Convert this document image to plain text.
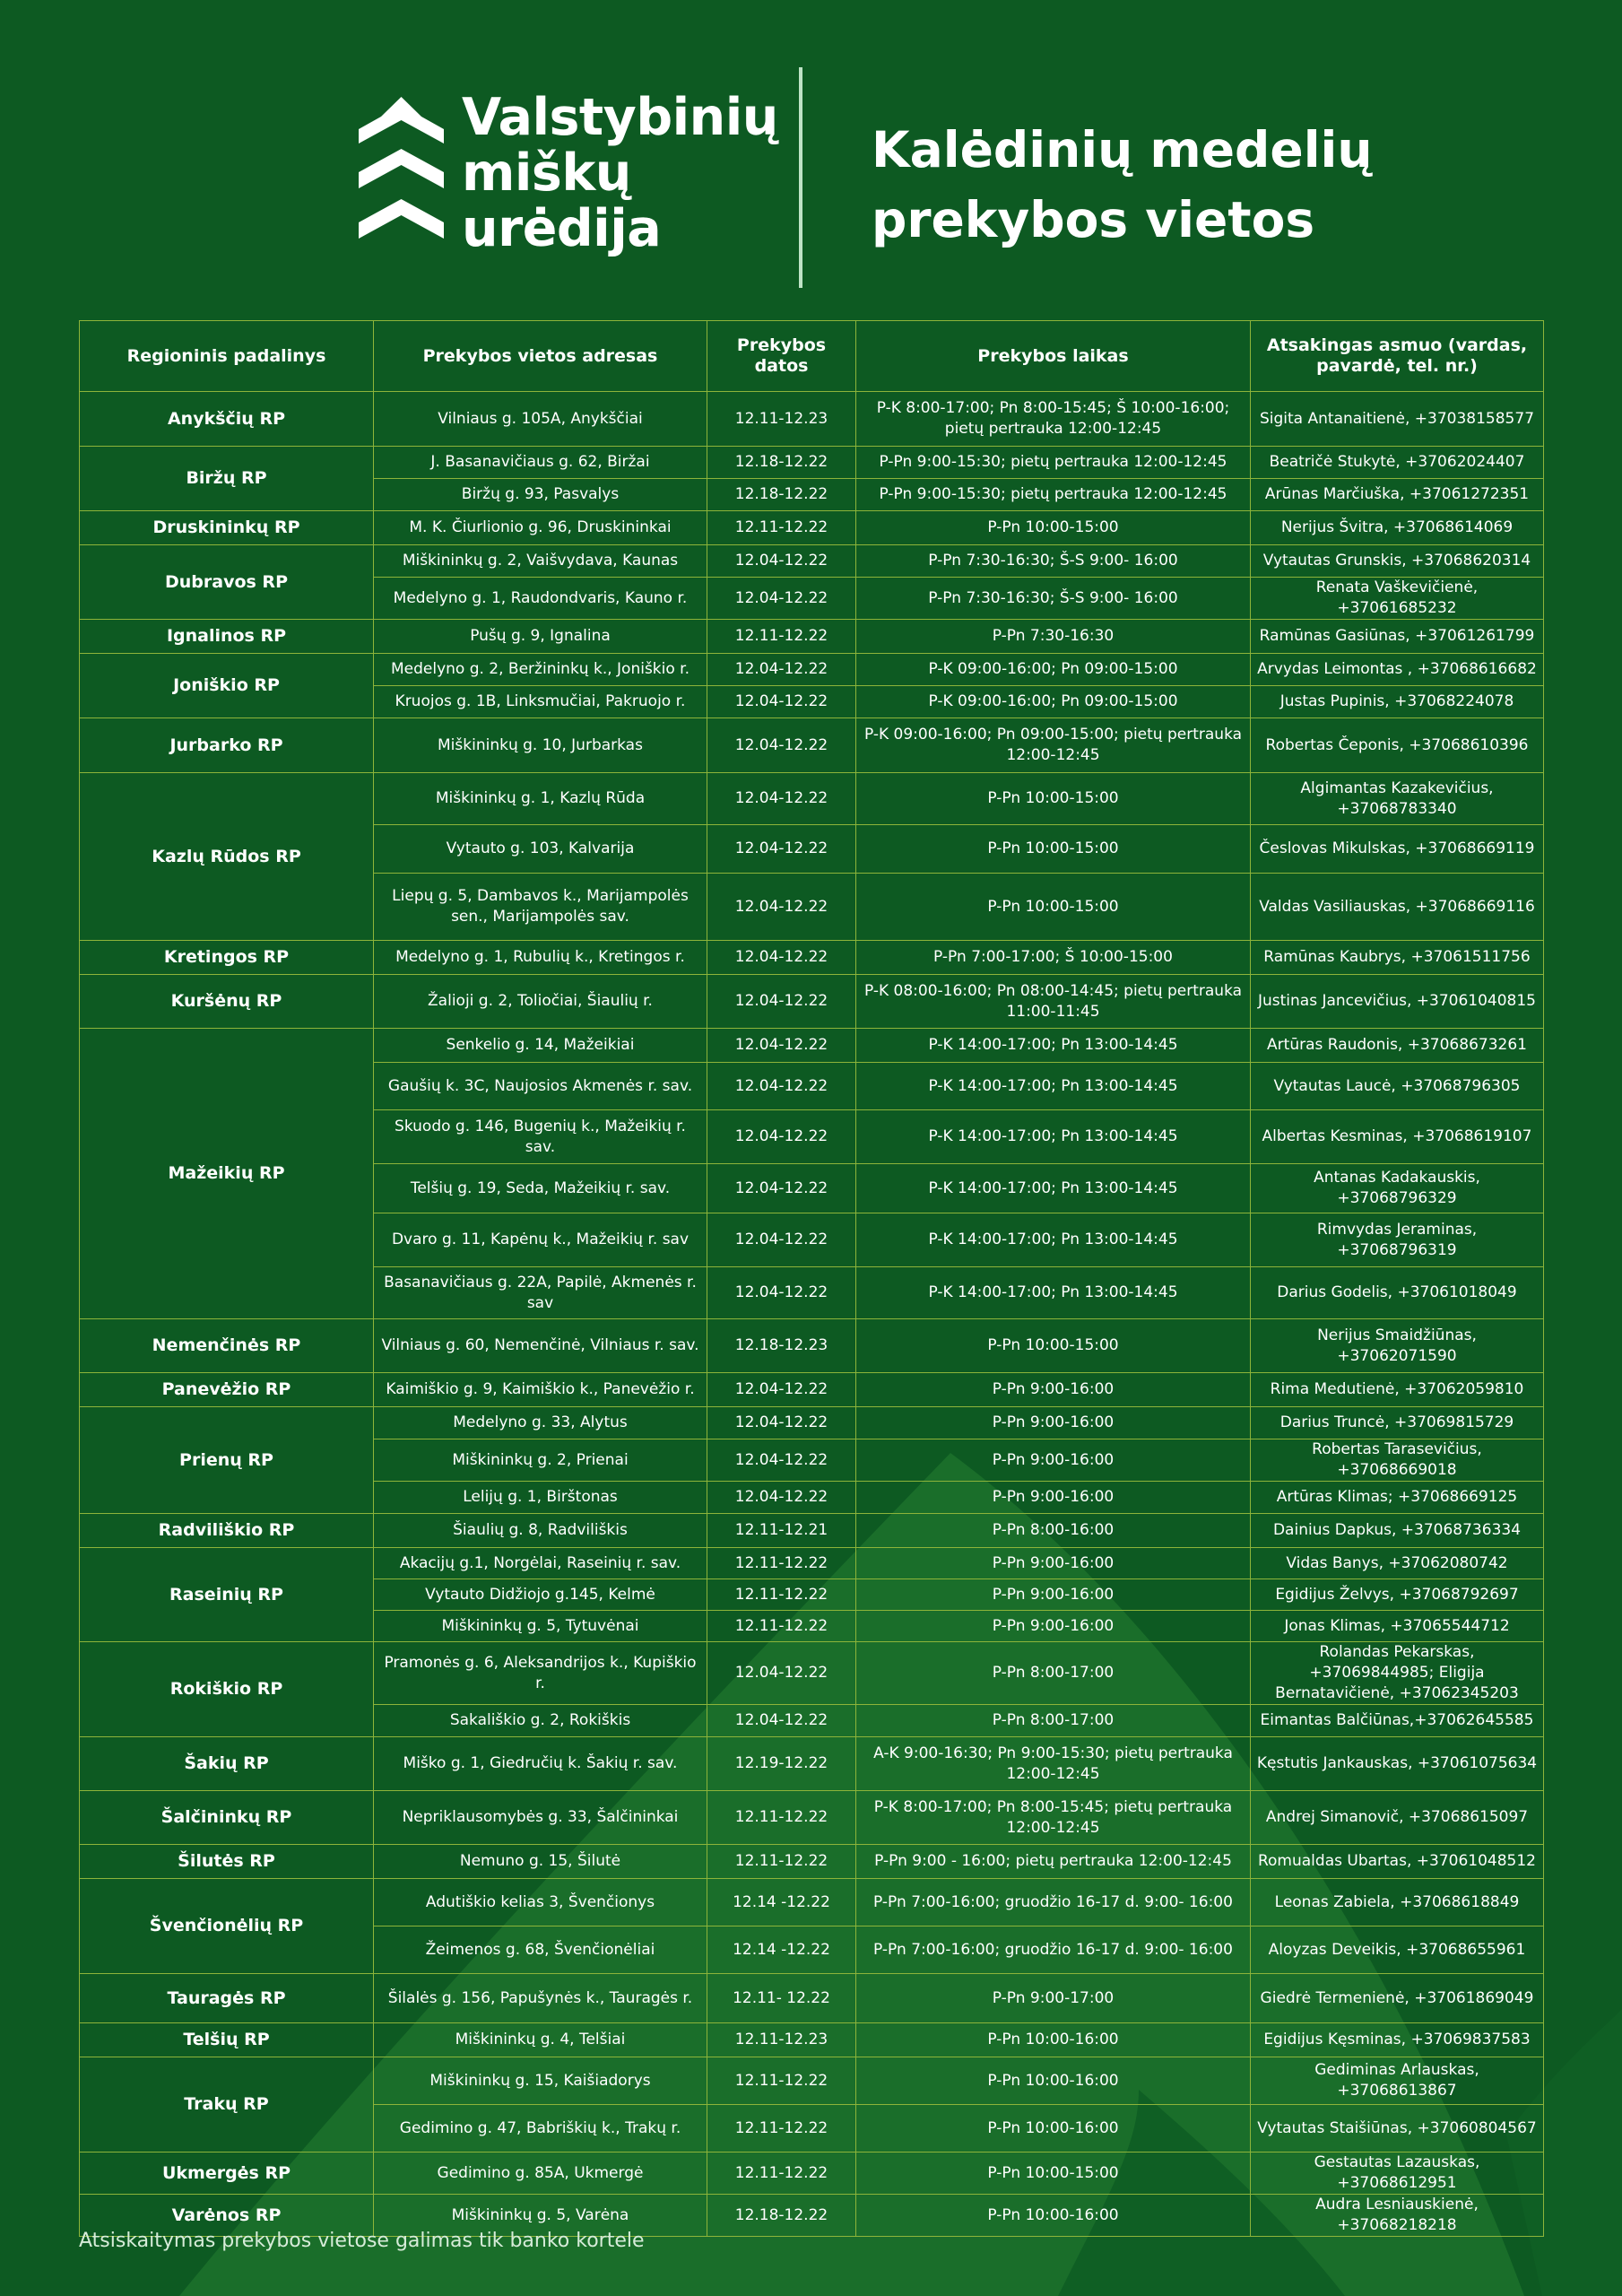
Valstybinių
miškų
urėdija
Kalėdinių medelių
prekybos vietos
Regioninis padalinys	Prekybos vietos adresas	Prekybos datos	Prekybos laikas	Atsakingas asmuo (vardas, pavardė, tel. nr.)
Anykščių RP	Vilniaus g. 105A, Anykščiai	12.11-12.23	P-K 8:00-17:00; Pn 8:00-15:45; Š 10:00-16:00; pietų pertrauka 12:00-12:45	Sigita Antanaitienė, +37038158577
Biržų RP	J. Basanavičiaus g. 62, Biržai	12.18-12.22	P-Pn 9:00-15:30; pietų pertrauka 12:00-12:45	Beatričė Stukytė, +37062024407
	Biržų g. 93, Pasvalys	12.18-12.22	P-Pn 9:00-15:30; pietų pertrauka 12:00-12:45	Arūnas Marčiuška, +37061272351
Druskininkų RP	M. K. Čiurlionio g. 96, Druskininkai	12.11-12.22	P-Pn 10:00-15:00	Nerijus Švitra, +37068614069
Dubravos RP	Miškininkų g. 2, Vaišvydava, Kaunas	12.04-12.22	P-Pn 7:30-16:30; Š-S 9:00- 16:00	Vytautas Grunskis, +37068620314
	Medelyno g. 1, Raudondvaris, Kauno r.	12.04-12.22	P-Pn 7:30-16:30; Š-S 9:00- 16:00	Renata Vaškevičienė, +37061685232
Ignalinos RP	Pušų g. 9, Ignalina	12.11-12.22	P-Pn 7:30-16:30	Ramūnas Gasiūnas, +37061261799
Joniškio RP	Medelyno g. 2, Beržininkų k., Joniškio r.	12.04-12.22	P-K 09:00-16:00; Pn 09:00-15:00	Arvydas Leimontas , +37068616682
	Kruojos g. 1B, Linksmučiai, Pakruojo r.	12.04-12.22	P-K 09:00-16:00; Pn 09:00-15:00	Justas Pupinis, +37068224078
Jurbarko RP	Miškininkų g. 10, Jurbarkas	12.04-12.22	P-K 09:00-16:00; Pn 09:00-15:00; pietų pertrauka 12:00-12:45	Robertas Čeponis, +37068610396
Kazlų Rūdos RP	Miškininkų g. 1, Kazlų Rūda	12.04-12.22	P-Pn 10:00-15:00	Algimantas Kazakevičius, +37068783340
	Vytauto g. 103, Kalvarija	12.04-12.22	P-Pn 10:00-15:00	Česlovas Mikulskas, +37068669119
	Liepų g. 5, Dambavos k., Marijampolės sen., Marijampolės sav.	12.04-12.22	P-Pn 10:00-15:00	Valdas Vasiliauskas, +37068669116
Kretingos RP	Medelyno g. 1, Rubulių k., Kretingos r.	12.04-12.22	P-Pn 7:00-17:00; Š 10:00-15:00	Ramūnas Kaubrys, +37061511756
Kuršėnų RP	Žalioji g. 2, Toliočiai, Šiaulių r.	12.04-12.22	P-K 08:00-16:00; Pn 08:00-14:45; pietų pertrauka 11:00-11:45	Justinas Jancevičius, +37061040815
Mažeikių RP	Senkelio g. 14, Mažeikiai	12.04-12.22	P-K 14:00-17:00; Pn 13:00-14:45	Artūras Raudonis, +37068673261
	Gaušių k. 3C, Naujosios Akmenės r. sav.	12.04-12.22	P-K 14:00-17:00; Pn 13:00-14:45	Vytautas Laucė, +37068796305
	Skuodo g. 146, Bugenių k., Mažeikių r. sav.	12.04-12.22	P-K 14:00-17:00; Pn 13:00-14:45	Albertas Kesminas, +37068619107
	Telšių g. 19, Seda, Mažeikių r. sav.	12.04-12.22	P-K 14:00-17:00; Pn 13:00-14:45	Antanas Kadakauskis, +37068796329
	Dvaro g. 11, Kapėnų k., Mažeikių r. sav	12.04-12.22	P-K 14:00-17:00; Pn 13:00-14:45	Rimvydas Jeraminas, +37068796319
	Basanavičiaus g. 22A, Papilė, Akmenės r. sav	12.04-12.22	P-K 14:00-17:00; Pn 13:00-14:45	Darius Godelis, +37061018049
Nemenčinės RP	Vilniaus g. 60, Nemenčinė, Vilniaus r. sav.	12.18-12.23	P-Pn 10:00-15:00	Nerijus Smaidžiūnas, +37062071590
Panevėžio RP	Kaimiškio g. 9, Kaimiškio k., Panevėžio r.	12.04-12.22	P-Pn 9:00-16:00	Rima Medutienė, +37062059810
Prienų RP	Medelyno g. 33, Alytus	12.04-12.22	P-Pn 9:00-16:00	Darius Truncė, +37069815729
	Miškininkų g. 2, Prienai	12.04-12.22	P-Pn 9:00-16:00	Robertas Tarasevičius, +37068669018
	Lelijų g. 1, Birštonas	12.04-12.22	P-Pn 9:00-16:00	Artūras Klimas; +37068669125
Radviliškio RP	Šiaulių g. 8, Radviliškis	12.11-12.21	P-Pn 8:00-16:00	Dainius Dapkus, +37068736334
Raseinių RP	Akacijų g.1, Norgėlai, Raseinių r. sav.	12.11-12.22	P-Pn 9:00-16:00	Vidas Banys, +37062080742
	Vytauto Didžiojo g.145, Kelmė	12.11-12.22	P-Pn 9:00-16:00	Egidijus Želvys, +37068792697
	Miškininkų g. 5, Tytuvėnai	12.11-12.22	P-Pn 9:00-16:00	Jonas Klimas, +37065544712
Rokiškio RP	Pramonės g. 6, Aleksandrijos k., Kupiškio r.	12.04-12.22	P-Pn 8:00-17:00	Rolandas Pekarskas, +37069844985; Eligija Bernatavičienė, +37062345203
	Sakališkio g. 2, Rokiškis	12.04-12.22	P-Pn 8:00-17:00	Eimantas Balčiūnas,+37062645585
Šakių RP	Miško g. 1, Giedručių k. Šakių r. sav.	12.19-12.22	A-K 9:00-16:30; Pn 9:00-15:30; pietų pertrauka 12:00-12:45	Kęstutis Jankauskas, +37061075634
Šalčininkų RP	Nepriklausomybės g. 33, Šalčininkai	12.11-12.22	P-K 8:00-17:00; Pn 8:00-15:45; pietų pertrauka 12:00-12:45	Andrej Simanovič, +37068615097
Šilutės RP	Nemuno g. 15, Šilutė	12.11-12.22	P-Pn 9:00 - 16:00; pietų pertrauka 12:00-12:45	Romualdas Ubartas, +37061048512
Švenčionėlių RP	Adutiškio kelias 3, Švenčionys	12.14 -12.22	P-Pn 7:00-16:00; gruodžio 16-17 d. 9:00- 16:00	Leonas Zabiela, +37068618849
	Žeimenos g. 68, Švenčionėliai	12.14 -12.22	P-Pn 7:00-16:00; gruodžio 16-17 d. 9:00- 16:00	Aloyzas Deveikis, +37068655961
Tauragės RP	Šilalės g. 156, Papušynės k., Tauragės r.	12.11- 12.22	P-Pn 9:00-17:00	Giedrė Termenienė, +37061869049
Telšių RP	Miškininkų g. 4, Telšiai	12.11-12.23	P-Pn 10:00-16:00	Egidijus Kęsminas, +37069837583
Trakų RP	Miškininkų g. 15, Kaišiadorys	12.11-12.22	P-Pn 10:00-16:00	Gediminas Arlauskas, +37068613867
	Gedimino g. 47, Babriškių k., Trakų r.	12.11-12.22	P-Pn 10:00-16:00	Vytautas Staišiūnas, +37060804567
Ukmergės RP	Gedimino g. 85A, Ukmergė	12.11-12.22	P-Pn 10:00-15:00	Gestautas Lazauskas, +37068612951
Varėnos RP	Miškininkų g. 5, Varėna	12.18-12.22	P-Pn 10:00-16:00	Audra Lesniauskienė, +37068218218
Atsiskaitymas prekybos vietose galimas tik banko kortele
